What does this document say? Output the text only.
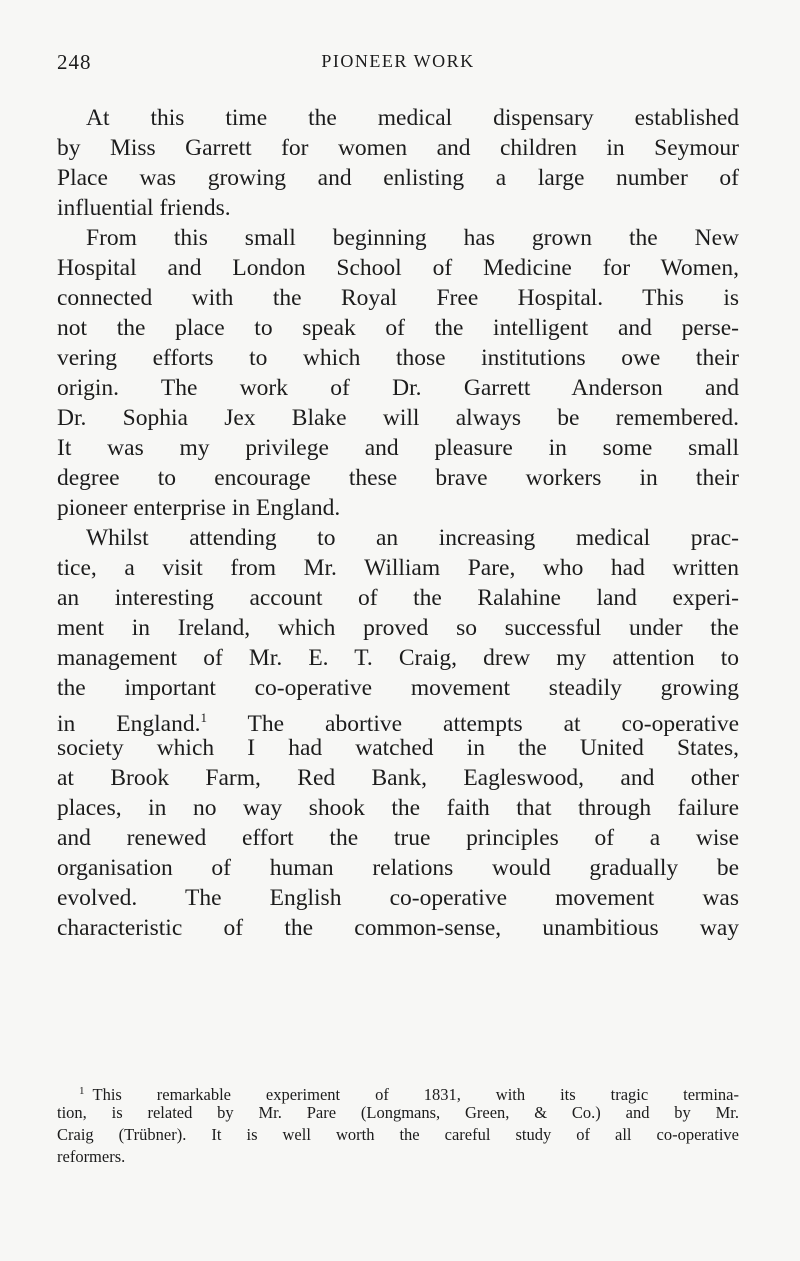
248	PIONEER WORK
At this time the medical dispensary established
by Miss Garrett for women and children in Seymour
Place was growing and enlisting a large number of
influential friends.
From this small beginning has grown the New
Hospital and London School of Medicine for Women,
connected with the Royal Free Hospital. This is
not the place to speak of the intelligent and perse-
vering efforts to which those institutions owe their
origin. The work of Dr. Garrett Anderson and
Dr. Sophia Jex Blake will always be remembered.
It was my privilege and pleasure in some small
degree to encourage these brave workers in their
pioneer enterprise in England.
Whilst attending to an increasing medical prac-
tice, a visit from Mr. William Pare, who had written
an interesting account of the Ralahine land experi-
ment in Ireland, which proved so successful under the
management of Mr. E. T. Craig, drew my attention to
the important co-operative movement steadily growing
in England.$^1$ The abortive attempts at co-operative
society which I had watched in the United States,
at Brook Farm, Red Bank, Eagleswood, and other
places, in no way shook the faith that through failure
and renewed effort the true principles of a wise
organisation of human relations would gradually be
evolved. The English co-operative movement was
characteristic of the common-sense, unambitious way
$^1$ This remarkable experiment of 1831, with its tragic termina-
tion, is related by Mr. Pare (Longmans, Green, & Co.) and by Mr.
Craig (Trübner). It is well worth the careful study of all co-operative
reformers.
